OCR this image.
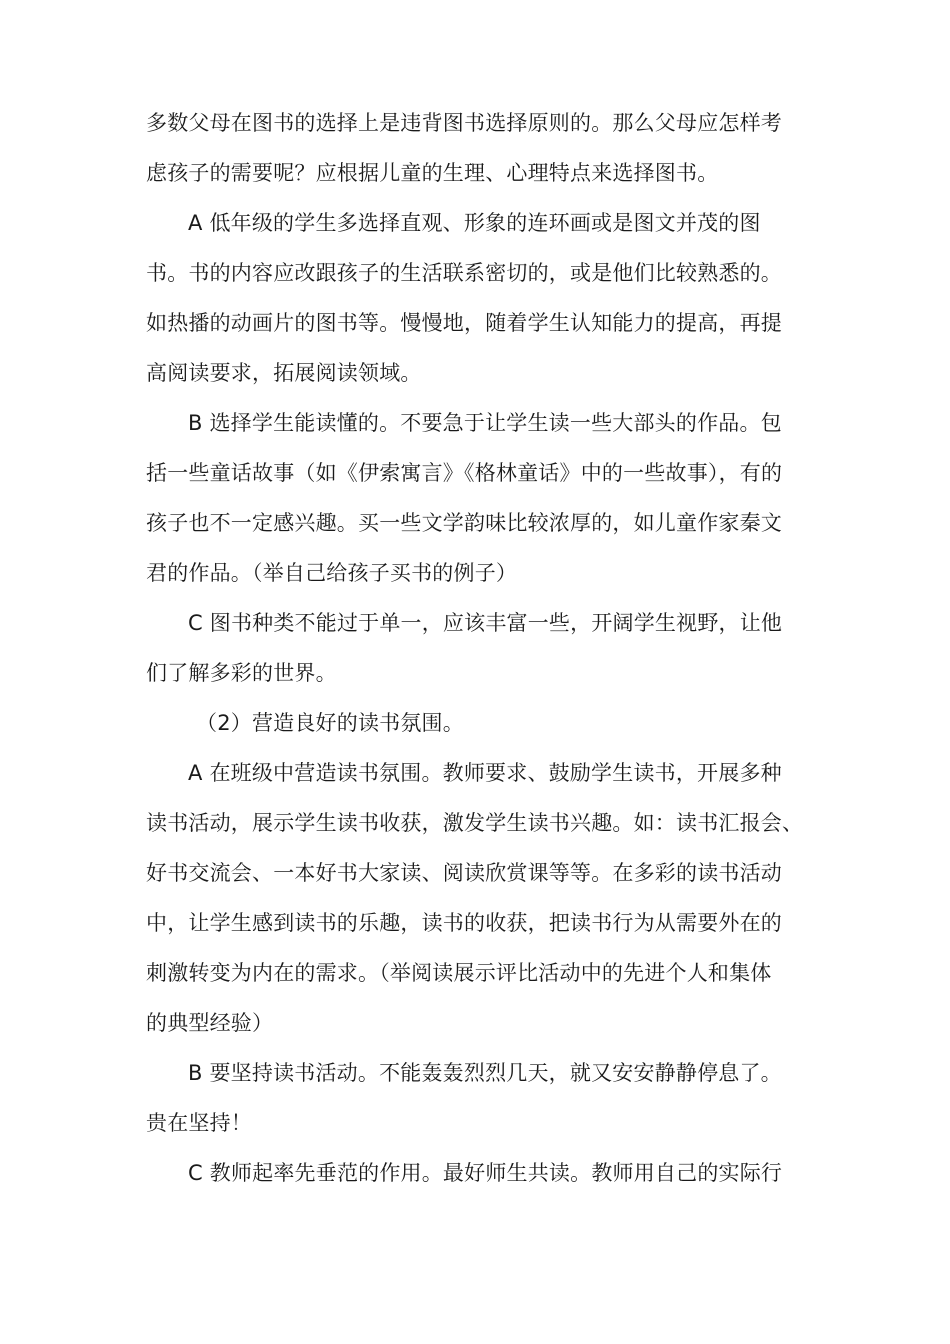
多数父母在图书的选择上是违背图书选择原则的。那么父母应怎样考
虑孩子的需要呢？应根据儿童的生理、心理特点来选择图书。
A 低年级的学生多选择直观、形象的连环画或是图文并茂的图
书。书的内容应改跟孩子的生活联系密切的，或是他们比较熟悉的。
如热播的动画片的图书等。慢慢地，随着学生认知能力的提高，再提
高阅读要求，拓展阅读领域。
B 选择学生能读懂的。不要急于让学生读一些大部头的作品。包
括一些童话故事（如《伊索寓言》《格林童话》中的一些故事），有的
孩子也不一定感兴趣。买一些文学韵味比较浓厚的，如儿童作家秦文
君的作品。（举自己给孩子买书的例子）
C 图书种类不能过于单一，应该丰富一些，开阔学生视野，让他
们了解多彩的世界。
（2）营造良好的读书氛围。
A 在班级中营造读书氛围。教师要求、鼓励学生读书，开展多种
读书活动，展示学生读书收获，激发学生读书兴趣。如：读书汇报会、
好书交流会、一本好书大家读、阅读欣赏课等等。在多彩的读书活动
中，让学生感到读书的乐趣，读书的收获，把读书行为从需要外在的
刺激转变为内在的需求。（举阅读展示评比活动中的先进个人和集体
的典型经验）
B 要坚持读书活动。不能轰轰烈烈几天，就又安安静静停息了。
贵在坚持！
C 教师起率先垂范的作用。最好师生共读。教师用自己的实际行
